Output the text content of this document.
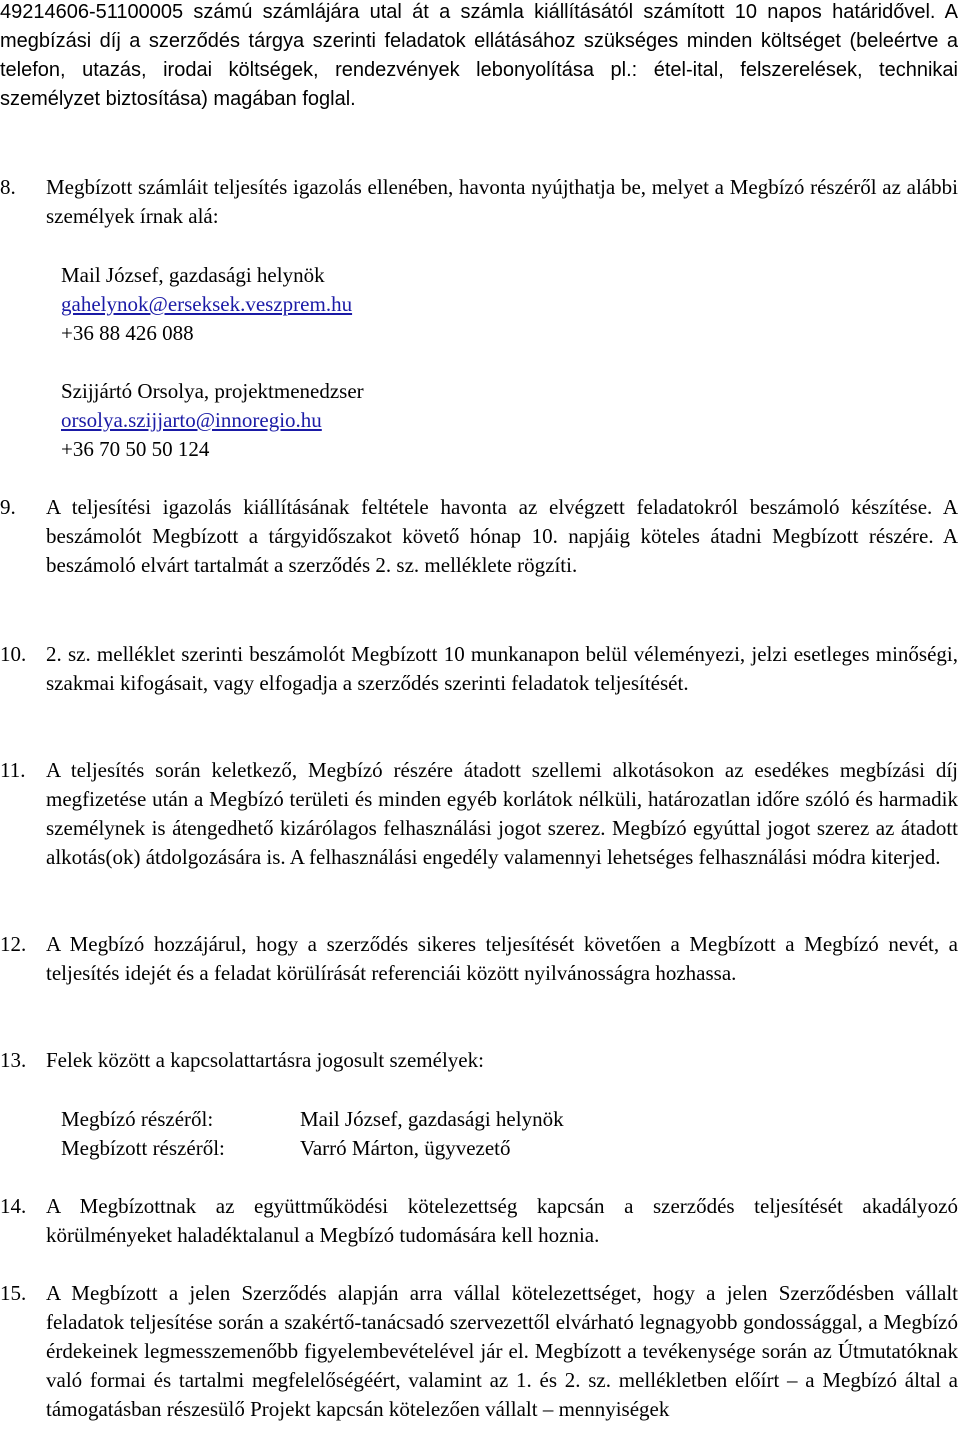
49214606-51100005 számú számlájára utal át a számla kiállításától számított 10 napos határidővel. A megbízási díj a szerződés tárgya szerinti feladatok ellátásához szükséges minden költséget (beleértve a telefon, utazás, irodai költségek, rendezvények lebonyolítása pl.: étel-ital, felszerelések, technikai személyzet biztosítása) magában foglal.
8.	Megbízott számláit teljesítés igazolás ellenében, havonta nyújthatja be, melyet a Megbízó részéről az alábbi személyek írnak alá:
Mail József, gazdasági helynök
gahelynok@erseksek.veszprem.hu
+36 88 426 088
Szijjártó Orsolya, projektmenedzser
orsolya.szijjarto@innoregio.hu
+36 70 50 50 124
9.	A teljesítési igazolás kiállításának feltétele havonta az elvégzett feladatokról beszámoló készítése. A beszámolót Megbízott a tárgyidőszakot követő hónap 10. napjáig köteles átadni Megbízott részére. A beszámoló elvárt tartalmát a szerződés 2. sz. melléklete rögzíti.
10. 2. sz. melléklet szerinti beszámolót Megbízott 10 munkanapon belül véleményezi, jelzi esetleges minőségi, szakmai kifogásait, vagy elfogadja a szerződés szerinti feladatok teljesítését.
11. A teljesítés során keletkező, Megbízó részére átadott szellemi alkotásokon az esedékes megbízási díj megfizetése után a Megbízó területi és minden egyéb korlátok nélküli, határozatlan időre szóló és harmadik személynek is átengedhető kizárólagos felhasználási jogot szerez. Megbízó egyúttal jogot szerez az átadott alkotás(ok) átdolgozására is. A felhasználási engedély valamennyi lehetséges felhasználási módra kiterjed.
12. A Megbízó hozzájárul, hogy a szerződés sikeres teljesítését követően a Megbízott a Megbízó nevét, a teljesítés idejét és a feladat körülírását referenciái között nyilvánosságra hozhassa.
13. Felek között a kapcsolattartásra jogosult személyek:
Megbízó részéről:	Mail József, gazdasági helynök
Megbízott részéről:	Varró Márton, ügyvezető
14. A Megbízottnak az együttműködési kötelezettség kapcsán a szerződés teljesítését akadályozó körülményeket haladéktalanul a Megbízó tudomására kell hoznia.
15. A Megbízott a jelen Szerződés alapján arra vállal kötelezettséget, hogy a jelen Szerződésben vállalt feladatok teljesítése során a szakértő-tanácsadó szervezettől elvárható legnagyobb gondossággal, a Megbízó érdekeinek legmesszemenőbb figyelembevételével jár el. Megbízott a tevékenysége során az Útmutatóknak való formai és tartalmi megfelelőségéért, valamint az 1. és 2. sz. mellékletben előírt – a Megbízó által a támogatásban részesülő Projekt kapcsán kötelezően vállalt – mennyiségek
